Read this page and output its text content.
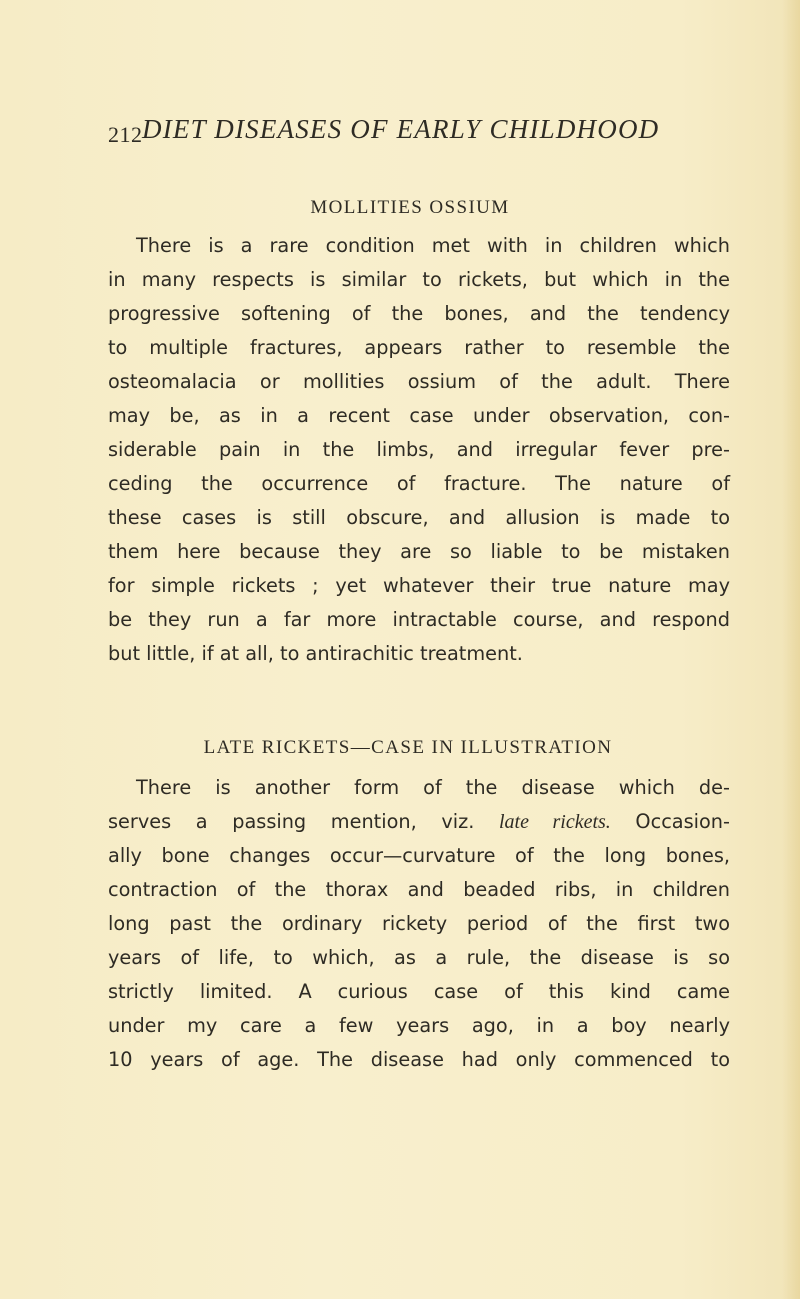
212 DIET DISEASES OF EARLY CHILDHOOD
MOLLITIES OSSIUM
There is a rare condition met with in children which
in many respects is similar to rickets, but which in the
progressive softening of the bones, and the tendency
to multiple fractures, appears rather to resemble the
osteomalacia or mollities ossium of the adult. There
may be, as in a recent case under observation, con-
siderable pain in the limbs, and irregular fever pre-
ceding the occurrence of fracture. The nature of
these cases is still obscure, and allusion is made to
them here because they are so liable to be mistaken
for simple rickets ; yet whatever their true nature may
be they run a far more intractable course, and respond
but little, if at all, to antirachitic treatment.
LATE RICKETS—CASE IN ILLUSTRATION
There is another form of the disease which de-
serves a passing mention, viz. late rickets. Occasion-
ally bone changes occur—curvature of the long bones,
contraction of the thorax and beaded ribs, in children
long past the ordinary rickety period of the first two
years of life, to which, as a rule, the disease is so
strictly limited. A curious case of this kind came
under my care a few years ago, in a boy nearly
10 years of age. The disease had only commenced to
